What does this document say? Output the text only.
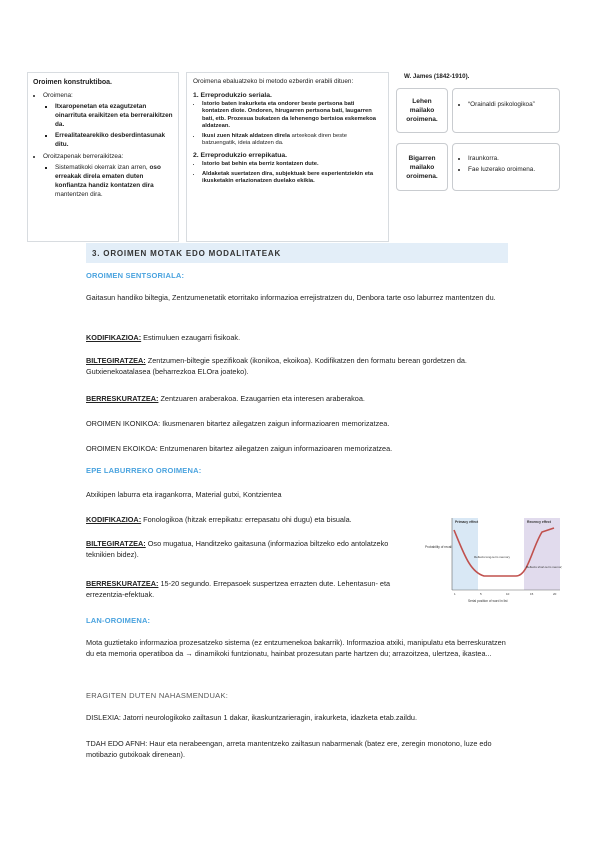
Oroimen konstruktiboa.
• Oroimena:
▪ Itxaropenetan eta ezagutzetan oinarrituta eraikitzen eta berreraikitzen da.
▪ Errealitatearekiko desberdintasunak ditu.
• Oroitzapenak berreraikitzea:
▪ Sistematikoki okerrak izan arren, oso erreakak direla ematen duten konfiantza handiz kontatzen dira mantentzen dira.
Oroimena ebaluatzeko bi metodo ezberdin erabili dituen:
1. Erreprodukzio seriala.
• Istorio baten irakurketa eta ondorer beste pertsona bati kontatzen diote. Ondoren, hirugarren pertsona bati, laugarren bati, etb. Prozesua bukatzen da lehenengo bertsioa eskemekoa aldatzean.
• Ikusi zuen hitzak aldatzen direla artxekoak diren beste batzuengatik, ideia aldatzen da.
2. Erreprodukzio errepikatua.
• Istorio bat behin eta berriz kontatzen dute.
• Aldaketak suertatzen dira, subjektuak bere esperientziekin eta ikusketakin erlazionatzen duelako ekikia.
W. James (1842-1910).
Lehen mailako oroimena.
• “Orainaldi psikologikoa”
Bigarren mailako oroimena.
• Iraunkorra.
• Fae luzerako oroimena.
3. OROIMEN MOTAK EDO MODALITATEAK
OROIMEN SENTSORIALA:
Gaitasun handiko biltegia, Zentzumenetatik etorritako informazioa errejistratzen du, Denbora tarte oso laburrez mantentzen du.
KODIFIKAZIOA: Estimuluen ezaugarri fisikoak.
BILTEGIRATZEA: Zentzumen-biltegie spezifikoak (ikonikoa, ekoikoa). Kodifikatzen den formatu berean gordetzen da. Gutxienekoatalasea (beharrezkoa ELOra joateko).
BERRESKURATZEA: Zentzuaren araberakoa. Ezaugarrien eta interesen araberakoa.
OROIMEN IKONIKOA: Ikusmenaren bitartez ailegatzen zaigun informazioaren memorizatzea.
OROIMEN EKOIKOA: Entzumenaren bitartez ailegatzen zaigun informazioaren memorizatzea.
EPE LABURREKO OROIMENA:
Atxikipen laburra eta iragankorra, Material gutxi, Kontzientea
KODIFIKAZIOA: Fonologikoa (hitzak errepikatu: errepasatu ohi dugu) eta bisuala.
BILTEGIRATZEA: Oso mugatua, Handitzeko gaitasuna (informazioa biltzeko edo antolatzeko teknikien bidez).
BERRESKURATZEA: 15-20 segundo. Errepasoek suspertzea errazten dute. Lehentasun- eta errezentzia-efektuak.
Probability of recall
Serial position of word in list
Primacy effect	Recency effect
Reflects long-term memory
Reflects short-term memory
1	5	10	15	20
LAN-OROIMENA:
Mota guztietako informazioa prozesatzeko sistema (ez entzumenekoa bakarrik). Informazioa atxiki, manipulatu eta berreskuratzen du eta memoria operatiboa da → dinamikoki funtzionatu, hainbat prozesutan parte hartzen du; arrazoitzea, ulertzea, ikastea...
ERAGITEN DUTEN NAHASMENDUAK:
DISLEXIA: Jatorri neurologikoko zailtasun 1 dakar, ikaskuntzarieragin, irakurketa, idazketa etab.zaildu.
TDAH EDO AFNH: Haur eta nerabeengan, arreta mantentzeko zailtasun nabarmenak (batez ere, zeregin monotono, luze edo motibazio gutxikoak direnean).
